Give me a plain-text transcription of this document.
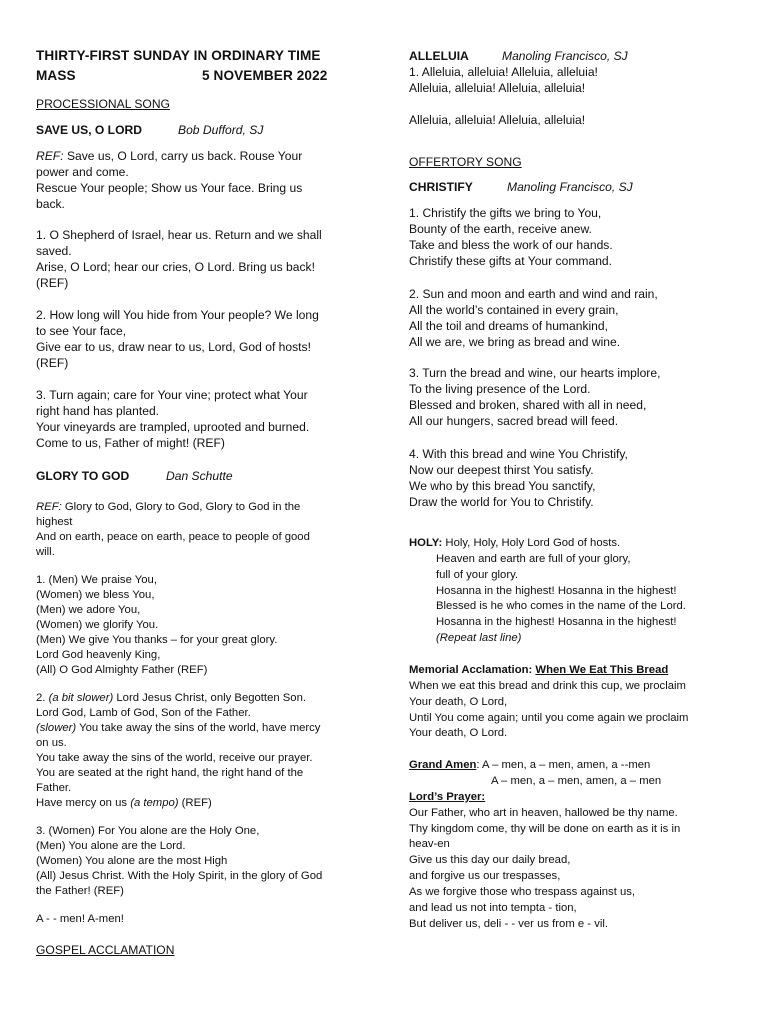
THIRTY-FIRST SUNDAY IN ORDINARY TIME
MASS	5 NOVEMBER 2022
PROCESSIONAL SONG
SAVE US, O LORD	Bob Dufford, SJ
REF: Save us, O Lord, carry us back. Rouse Your
power and come.
Rescue Your people; Show us Your face. Bring us
back.
1. O Shepherd of Israel, hear us. Return and we shall
saved.
Arise, O Lord; hear our cries, O Lord. Bring us back!
(REF)
2. How long will You hide from Your people? We long
to see Your face,
Give ear to us, draw near to us, Lord, God of hosts!
(REF)
3. Turn again; care for Your vine; protect what Your
right hand has planted.
Your vineyards are trampled, uprooted and burned.
Come to us, Father of might! (REF)
GLORY TO GOD	Dan Schutte
REF: Glory to God, Glory to God, Glory to God in the
highest
And on earth, peace on earth, peace to people of good
will.
1. (Men) We praise You,
(Women) we bless You,
(Men) we adore You,
(Women) we glorify You.
(Men) We give You thanks – for your great glory.
Lord God heavenly King,
(All) O God Almighty Father (REF)
2. (a bit slower) Lord Jesus Christ, only Begotten Son.
Lord God, Lamb of God, Son of the Father.
(slower) You take away the sins of the world, have mercy
on us.
You take away the sins of the world, receive our prayer.
You are seated at the right hand, the right hand of the
Father.
Have mercy on us (a tempo) (REF)
3. (Women) For You alone are the Holy One,
(Men) You alone are the Lord.
(Women) You alone are the most High
(All) Jesus Christ. With the Holy Spirit, in the glory of God
the Father! (REF)
A - - men! A-men!
GOSPEL ACCLAMATION
ALLELUIA	Manoling Francisco, SJ
1. Alleluia, alleluia! Alleluia, alleluia!
Alleluia, alleluia! Alleluia, alleluia!
Alleluia, alleluia! Alleluia, alleluia!
OFFERTORY SONG
CHRISTIFY	Manoling Francisco, SJ
1. Christify the gifts we bring to You,
Bounty of the earth, receive anew.
Take and bless the work of our hands.
Christify these gifts at Your command.
2. Sun and moon and earth and wind and rain,
All the world’s contained in every grain,
All the toil and dreams of humankind,
All we are, we bring as bread and wine.
3. Turn the bread and wine, our hearts implore,
To the living presence of the Lord.
Blessed and broken, shared with all in need,
All our hungers, sacred bread will feed.
4. With this bread and wine You Christify,
Now our deepest thirst You satisfy.
We who by this bread You sanctify,
Draw the world for You to Christify.
HOLY: Holy, Holy, Holy Lord God of hosts.
Heaven and earth are full of your glory,
full of your glory.
Hosanna in the highest! Hosanna in the highest!
Blessed is he who comes in the name of the Lord.
Hosanna in the highest! Hosanna in the highest!
(Repeat last line)
Memorial Acclamation: When We Eat This Bread
When we eat this bread and drink this cup, we proclaim
Your death, O Lord,
Until You come again; until you come again we proclaim
Your death, O Lord.
Grand Amen: A – men, a – men, amen, a --men
A – men, a – men, amen, a – men
Lord’s Prayer:
Our Father, who art in heaven, hallowed be thy name.
Thy kingdom come, thy will be done on earth as it is in
heav-en
Give us this day our daily bread,
and forgive us our trespasses,
As we forgive those who trespass against us,
and lead us not into tempta - tion,
But deliver us, deli - - ver us from e - vil.
